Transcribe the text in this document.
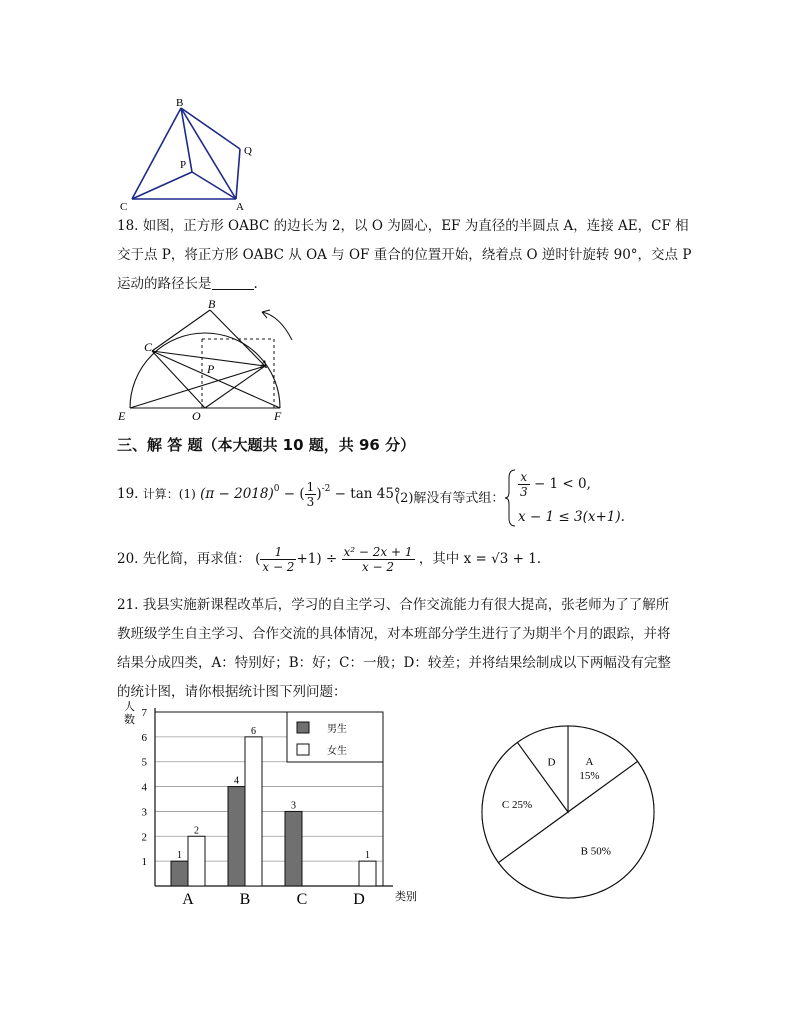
B
Q
P
C	A
18. 如图，正方形 OABC 的边长为 2，以 O 为圆心，EF 为直径的半圆点 A，连接 AE，CF 相
交于点 P，将正方形 OABC 从 OA 与 OF 重合的位置开始，绕着点 O 逆时针旋转 90°，交点 P
运动的路径长是	.
B
C
P	A
E	O	F
三、解 答 题（本大题共 10 题，共 96 分）
19. 计算：(1) $(\pi - 2018)^0$ − ( $\frac{1}{3} )^{-2} - \tan 45^\circ$
(2)解没有等式组： $\frac{x}{3} - 1 < 0$,
x − 1 ≤ 3(x+1).
20. 先化简，再求值： ( $\frac{1}{x - 2} +1) \div \frac{\text{x² − 2x + 1}}{x - 2}$ ，其中 x = √3 + 1.
21. 我县实施新课程改革后，学习的自主学习、合作交流能力有很大提高，张老师为了了解所
教班级学生自主学习、合作交流的具体情况，对本班部分学生进行了为期半个月的跟踪，并将
结果分成四类，A：特别好；B：好；C：一般；D：较差；并将结果绘制成以下两幅没有完整
的统计图，请你根据统计图下列问题：
1
2
3
4
5
6
7
人数
类别
1
2
A
4
6
B
3
C
1
D
男生
女生
A
15%
B 50%
C 25%
D
